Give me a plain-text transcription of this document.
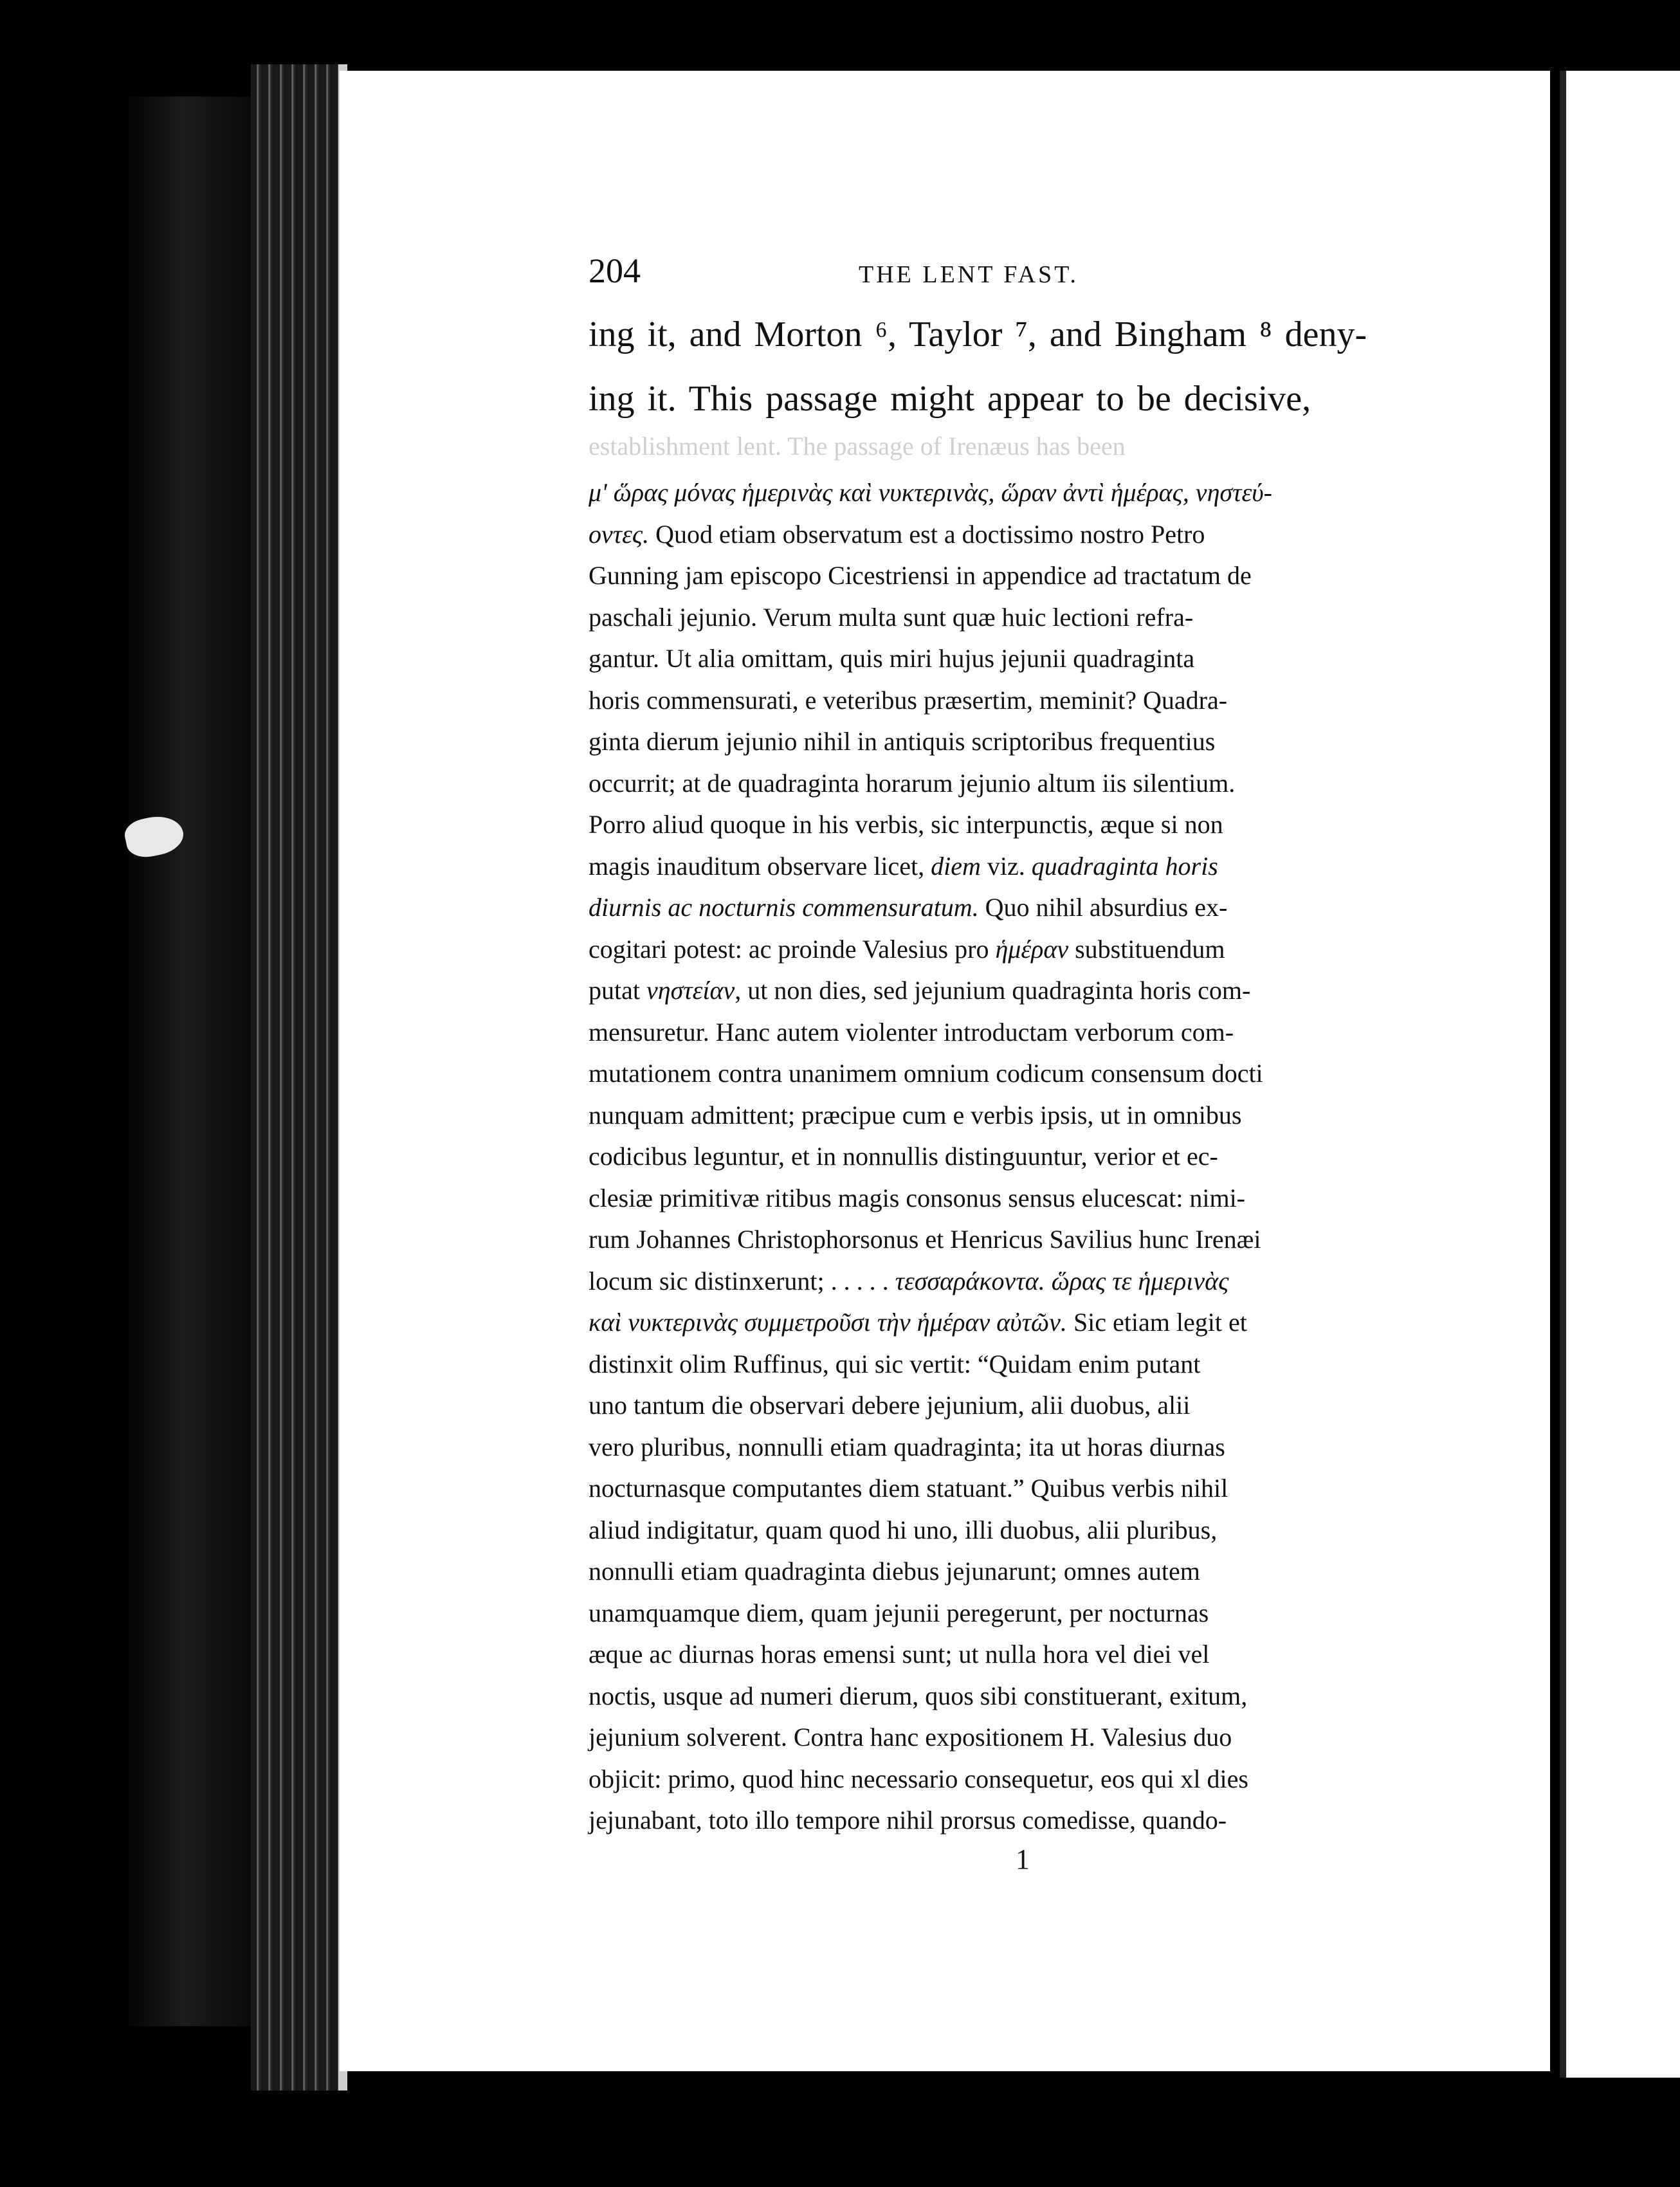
204	THE LENT FAST.
ing it, and Morton ⁶, Taylor ⁷, and Bingham ⁸ deny-
ing it. This passage might appear to be decisive,
establishment lent. The passage of Irenæus has been
μʹ ὥρας μόνας ἡμερινὰς καὶ νυκτερινὰς, ὥραν ἀντὶ ἡμέρας, νηστεύ-
οντες. Quod etiam observatum est a doctissimo nostro Petro
Gunning jam episcopo Cicestriensi in appendice ad tractatum de
paschali jejunio. Verum multa sunt quæ huic lectioni refra-
gantur. Ut alia omittam, quis miri hujus jejunii quadraginta
horis commensurati, e veteribus præsertim, meminit? Quadra-
ginta dierum jejunio nihil in antiquis scriptoribus frequentius
occurrit; at de quadraginta horarum jejunio altum iis silentium.
Porro aliud quoque in his verbis, sic interpunctis, æque si non
magis inauditum observare licet, diem viz. quadraginta horis
diurnis ac nocturnis commensuratum. Quo nihil absurdius ex-
cogitari potest: ac proinde Valesius pro ἡμέραν substituendum
putat νηστείαν, ut non dies, sed jejunium quadraginta horis com-
mensuretur. Hanc autem violenter introductam verborum com-
mutationem contra unanimem omnium codicum consensum docti
nunquam admittent; præcipue cum e verbis ipsis, ut in omnibus
codicibus leguntur, et in nonnullis distinguuntur, verior et ec-
clesiæ primitivæ ritibus magis consonus sensus elucescat: nimi-
rum Johannes Christophorsonus et Henricus Savilius hunc Irenæi
locum sic distinxerunt; . . . . . τεσσαράκοντα. ὥρας τε ἡμερινὰς
καὶ νυκτερινὰς συμμετροῦσι τὴν ἡμέραν αὐτῶν. Sic etiam legit et
distinxit olim Ruffinus, qui sic vertit: “Quidam enim putant
uno tantum die observari debere jejunium, alii duobus, alii
vero pluribus, nonnulli etiam quadraginta; ita ut horas diurnas
nocturnasque computantes diem statuant.” Quibus verbis nihil
aliud indigitatur, quam quod hi uno, illi duobus, alii pluribus,
nonnulli etiam quadraginta diebus jejunarunt; omnes autem
unamquamque diem, quam jejunii peregerunt, per nocturnas
æque ac diurnas horas emensi sunt; ut nulla hora vel diei vel
noctis, usque ad numeri dierum, quos sibi constituerant, exitum,
jejunium solverent. Contra hanc expositionem H. Valesius duo
objicit: primo, quod hinc necessario consequetur, eos qui xl dies
jejunabant, toto illo tempore nihil prorsus comedisse, quando-
1
